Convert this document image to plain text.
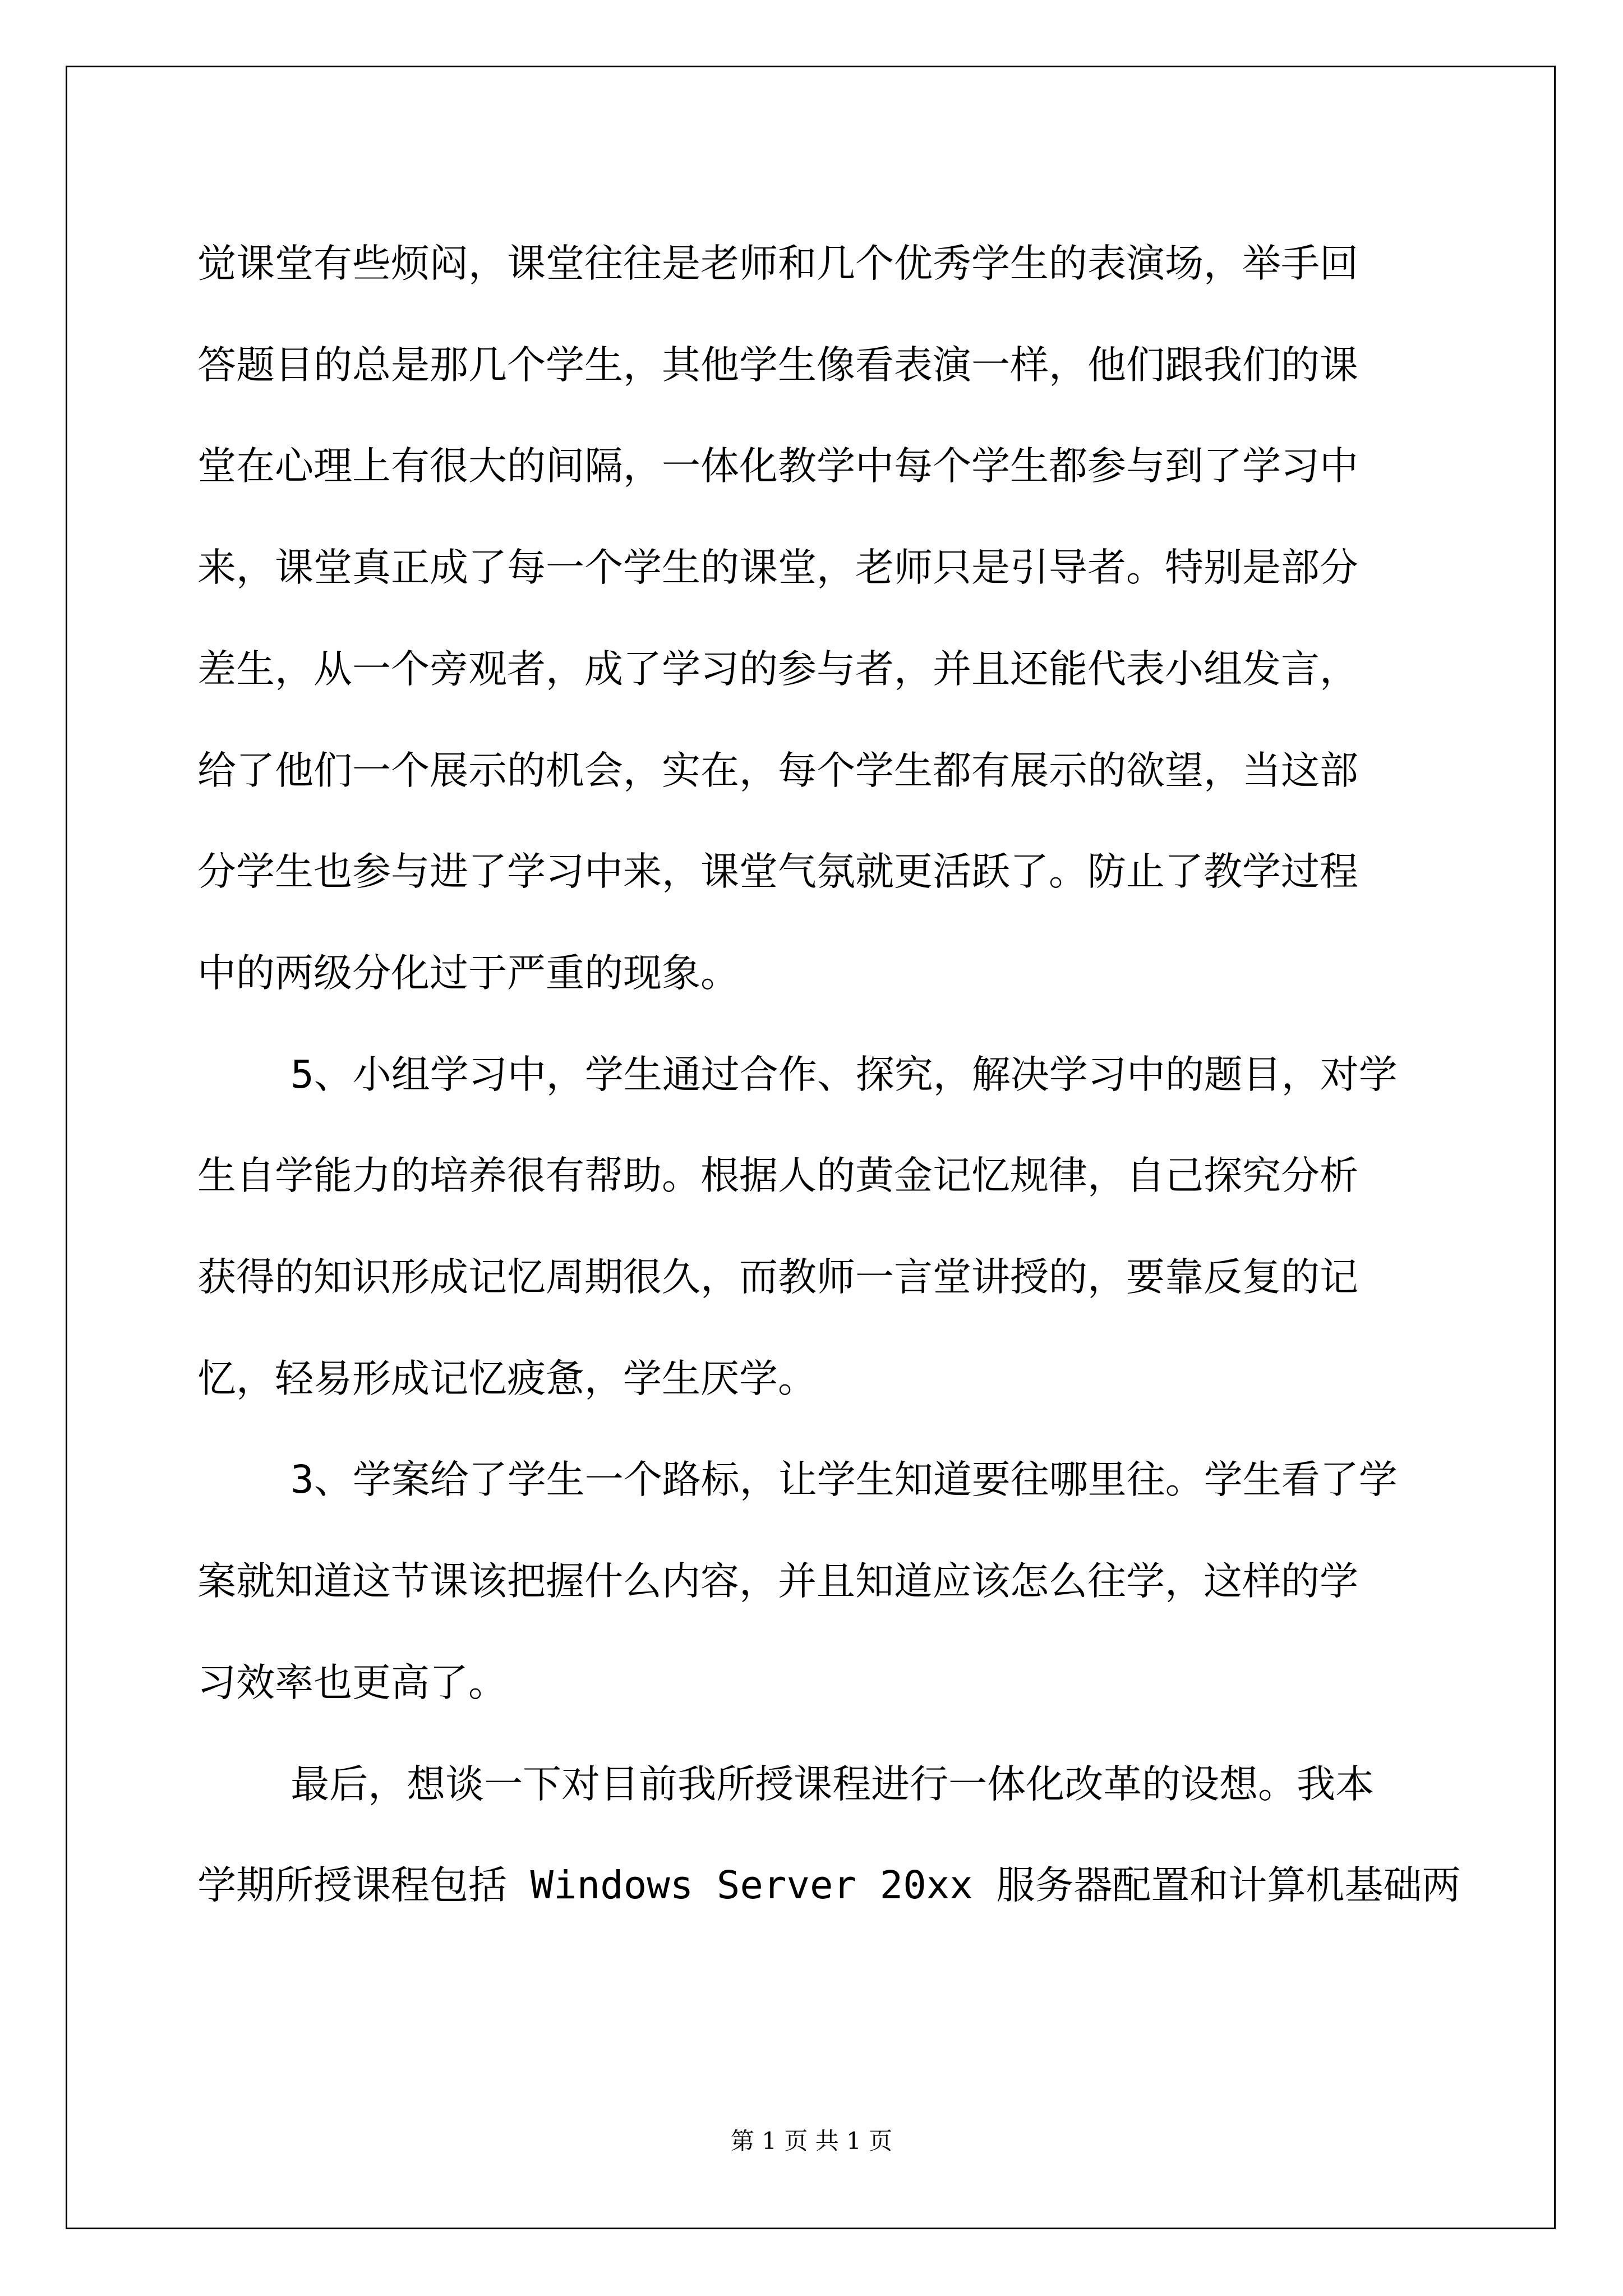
觉课堂有些烦闷，课堂往往是老师和几个优秀学生的表演场，举手回
答题目的总是那几个学生，其他学生像看表演一样，他们跟我们的课
堂在心理上有很大的间隔，一体化教学中每个学生都参与到了学习中
来，课堂真正成了每一个学生的课堂，老师只是引导者。特别是部分
差生，从一个旁观者，成了学习的参与者，并且还能代表小组发言，
给了他们一个展示的机会，实在，每个学生都有展示的欲望，当这部
分学生也参与进了学习中来，课堂气氛就更活跃了。防止了教学过程
中的两级分化过于严重的现象。
5、小组学习中，学生通过合作、探究，解决学习中的题目，对学
生自学能力的培养很有帮助。根据人的黄金记忆规律，自己探究分析
获得的知识形成记忆周期很久，而教师一言堂讲授的，要靠反复的记
忆，轻易形成记忆疲惫，学生厌学。
3、学案给了学生一个路标，让学生知道要往哪里往。学生看了学
案就知道这节课该把握什么内容，并且知道应该怎么往学，这样的学
习效率也更高了。
最后，想谈一下对目前我所授课程进行一体化改革的设想。我本
学期所授课程包括 Windows Server 20xx 服务器配置和计算机基础两
第 1 页 共 1 页
